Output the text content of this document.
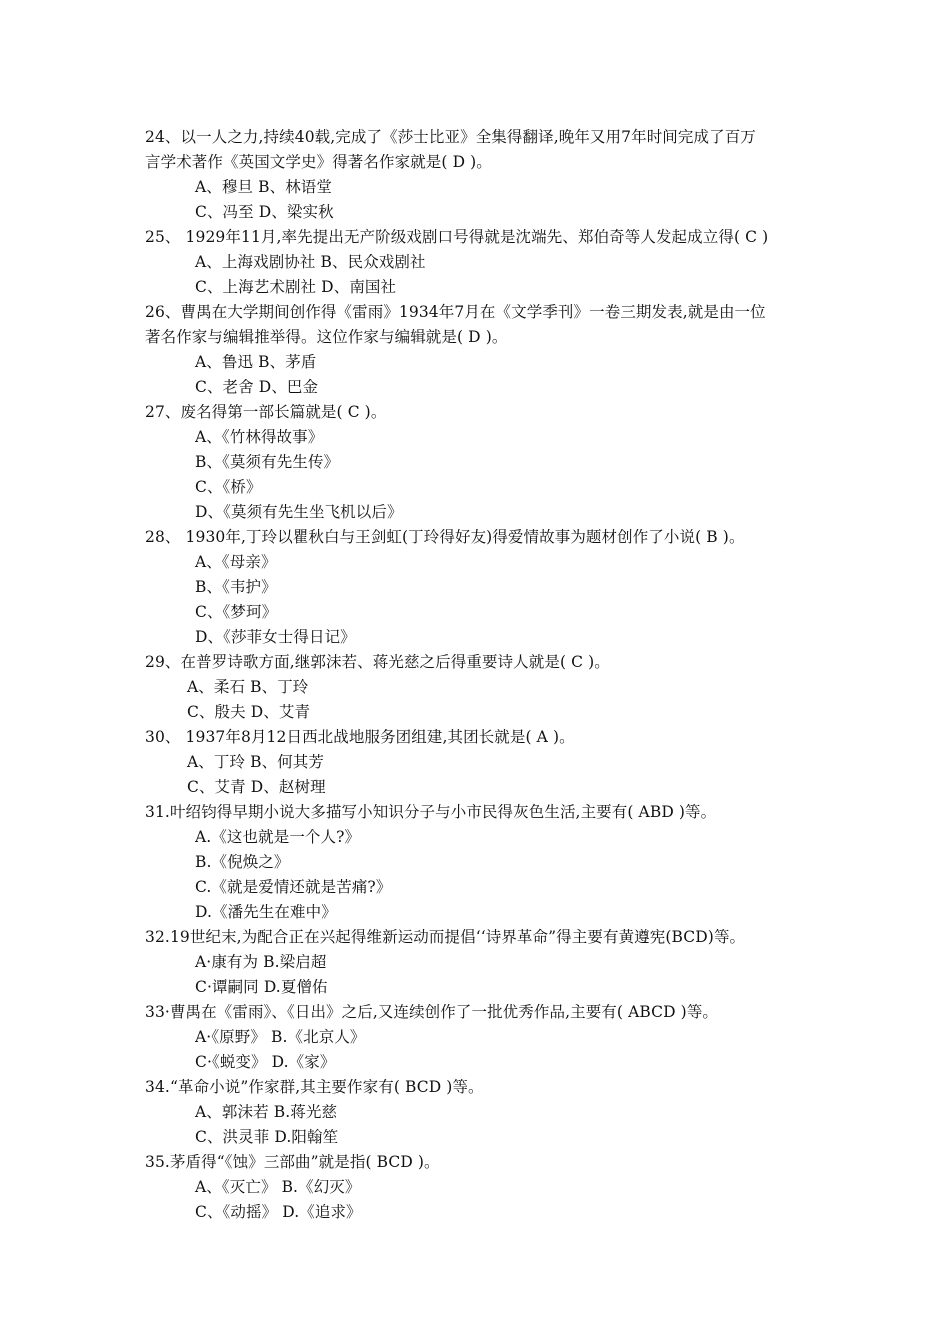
24、以一人之力,持续40载,完成了《莎士比亚》全集得翻译,晚年又用7年时间完成了百万
言学术著作《英国文学史》得著名作家就是( D )。
A、穆旦 B、林语堂
C、冯至 D、梁实秋
25、 1929年11月,率先提出无产阶级戏剧口号得就是沈端先、郑伯奇等人发起成立得( C )
A、上海戏剧协社 B、民众戏剧社
C、上海艺术剧社 D、南国社
26、曹禺在大学期间创作得《雷雨》1934年7月在《文学季刊》一卷三期发表,就是由一位
著名作家与编辑推举得。这位作家与编辑就是( D )。
A、鲁迅 B、茅盾
C、老舍 D、巴金
27、废名得第一部长篇就是( C )。
A、《竹林得故事》
B、《莫须有先生传》
C、《桥》
D、《莫须有先生坐飞机以后》
28、 1930年,丁玲以瞿秋白与王剑虹(丁玲得好友)得爱情故事为题材创作了小说( B )。
A、《母亲》
B、《韦护》
C、《梦珂》
D、《莎菲女士得日记》
29、在普罗诗歌方面,继郭沫若、蒋光慈之后得重要诗人就是( C )。
A、柔石 B、丁玲
C、殷夫 D、艾青
30、 1937年8月12日西北战地服务团组建,其团长就是( A )。
A、丁玲 B、何其芳
C、艾青 D、赵树理
31.叶绍钧得早期小说大多描写小知识分子与小市民得灰色生活,主要有( ABD )等。
A.《这也就是一个人?》
B.《倪焕之》
C.《就是爱情还就是苦痛?》
D.《潘先生在难中》
32.19世纪末,为配合正在兴起得维新运动而提倡‘‘诗界革命”得主要有黄遵宪(BCD)等。
A·康有为 B.梁启超
C·谭嗣同 D.夏僧佑
33·曹禺在《雷雨》、《日出》之后,又连续创作了一批优秀作品,主要有( ABCD )等。
A·《原野》 B.《北京人》
C·《蜕变》 D.《家》
34.“革命小说”作家群,其主要作家有( BCD )等。
A、郭沫若 B.蒋光慈
C、洪灵菲 D.阳翰笙
35.茅盾得“《蚀》三部曲”就是指( BCD )。
A、《灭亡》 B.《幻灭》
C、《动摇》 D.《追求》
